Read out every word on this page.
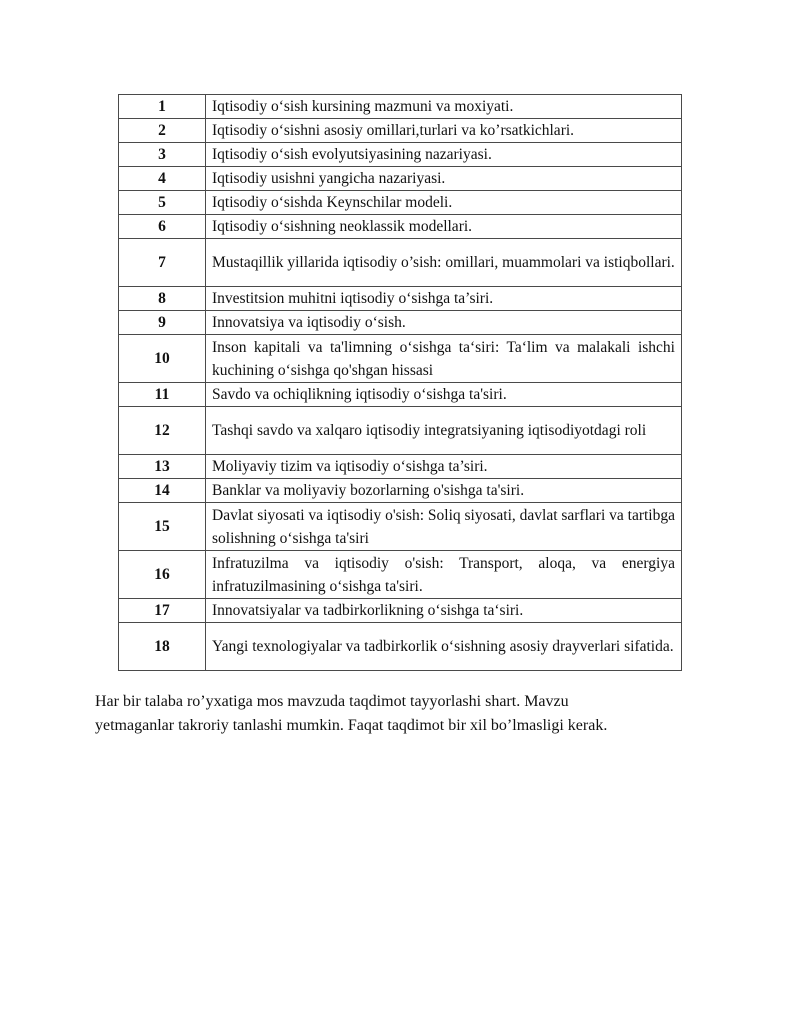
1	Iqtisodiy o‘sish kursining mazmuni va moxiyati.
2	Iqtisodiy o‘sishni asosiy omillari,turlari va ko’rsatkichlari.
3	Iqtisodiy o‘sish evolyutsiyasining nazariyasi.
4	Iqtisodiy usishni yangicha nazariyasi.
5	Iqtisodiy o‘sishda Keynschilar modeli.
6	Iqtisodiy o‘sishning neoklassik modellari.
7	Mustaqillik yillarida iqtisodiy o’sish: omillari, muammolari va istiqbollari.
8	Investitsion muhitni iqtisodiy o‘sishga ta’siri.
9	Innovatsiya va iqtisodiy o‘sish.
10	Inson kapitali va ta'limning o‘sishga ta‘siri: Ta‘lim va malakali ishchi kuchining o‘sishga qo'shgan hissasi
11	Savdo va ochiqlikning iqtisodiy o‘sishga ta'siri.
12	Tashqi savdo va xalqaro iqtisodiy integratsiyaning iqtisodiyotdagi roli
13	Moliyaviy tizim va iqtisodiy o‘sishga ta’siri.
14	Banklar va moliyaviy bozorlarning o'sishga ta'siri.
15	Davlat siyosati va iqtisodiy o'sish: Soliq siyosati, davlat sarflari va tartibga solishning o‘sishga ta'siri
16	Infratuzilma va iqtisodiy o'sish: Transport, aloqa, va energiya infratuzilmasining o‘sishga ta'siri.
17	Innovatsiyalar va tadbirkorlikning o‘sishga ta‘siri.
18	Yangi texnologiyalar va tadbirkorlik o‘sishning asosiy drayverlari sifatida.
Har bir talaba ro’yxatiga mos mavzuda taqdimot tayyorlashi shart. Mavzu
yetmaganlar takroriy tanlashi mumkin. Faqat taqdimot bir xil bo’lmasligi kerak.
